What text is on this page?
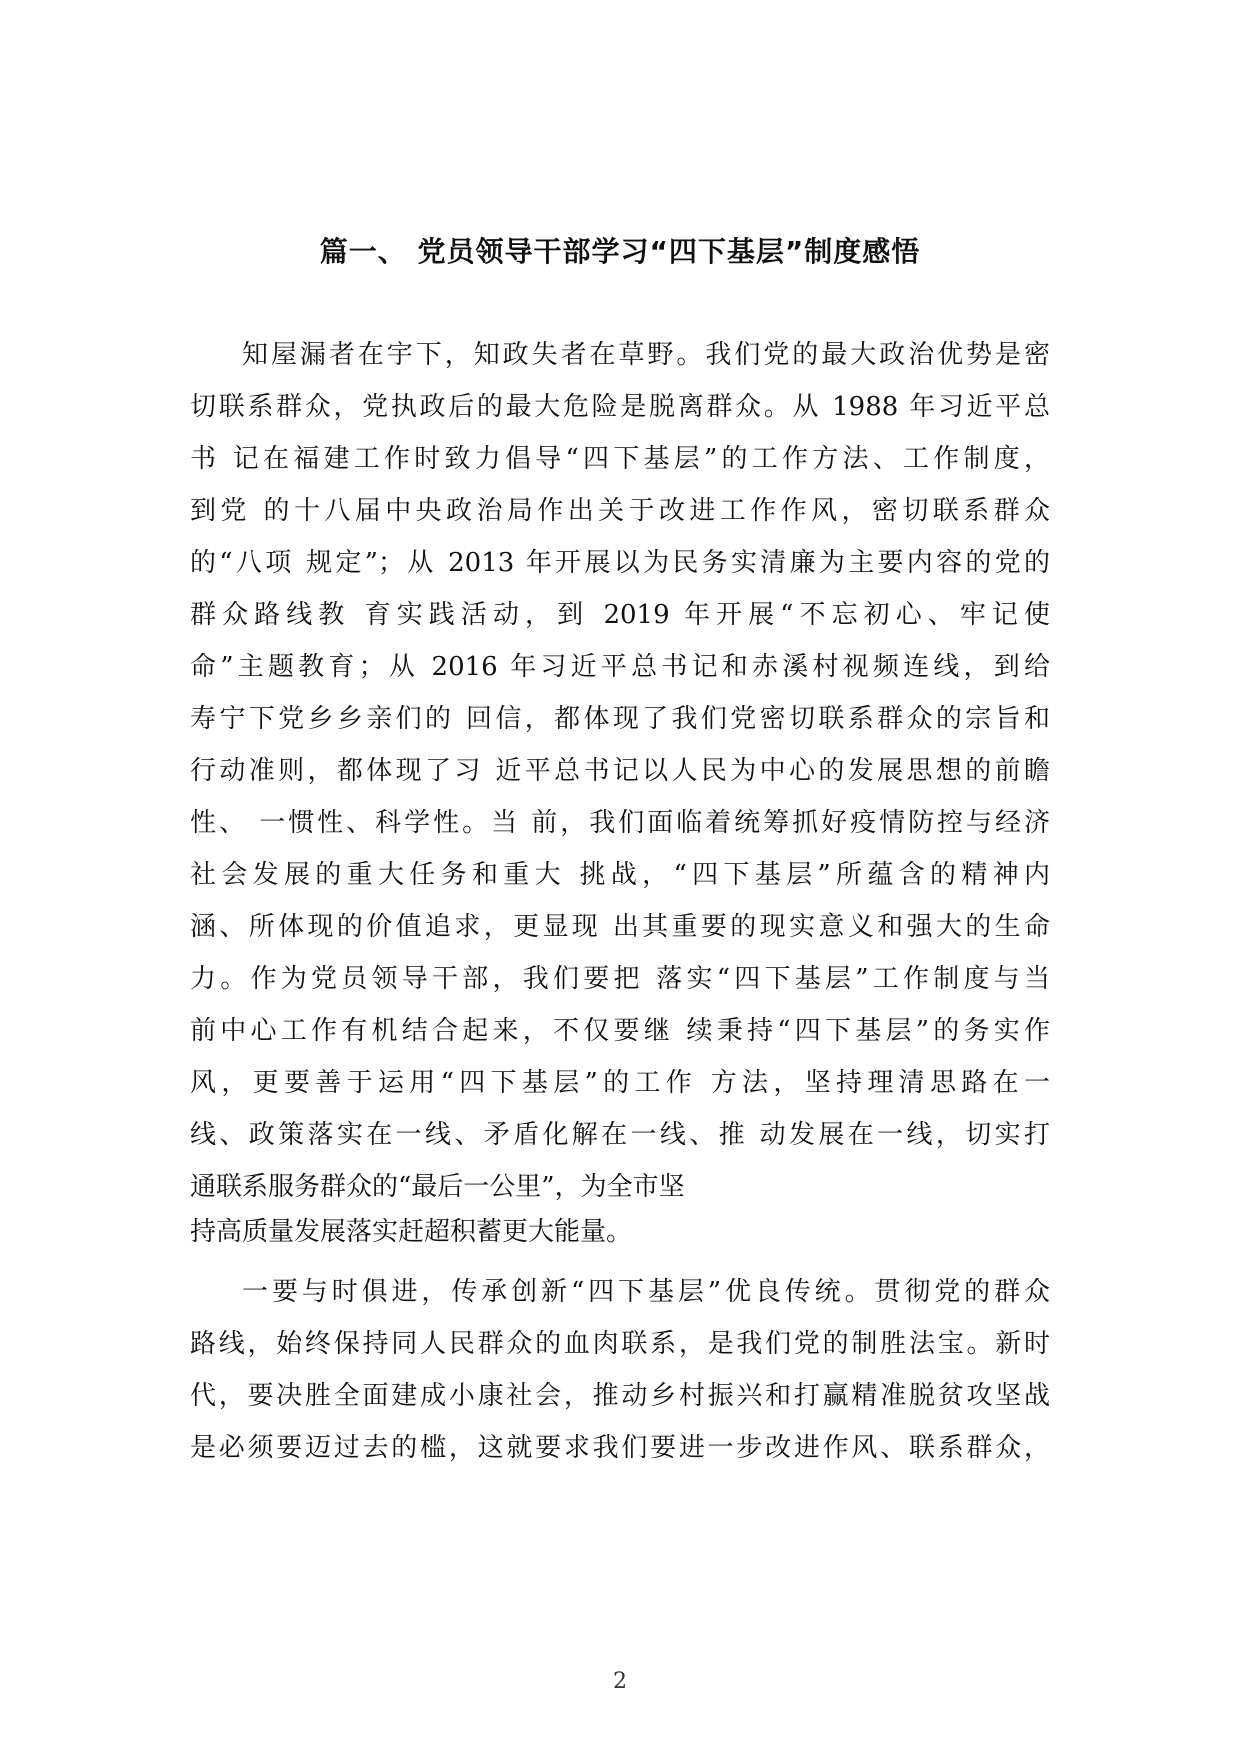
篇一、 党员领导干部学习“四下基层”制度感悟
知屋漏者在宇下，知政失者在草野。我们党的最大政治优势是密
切联系群众，党执政后的最大危险是脱离群众。从 1988 年习近平总
书 记在福建工作时致力倡导“四下基层”的工作方法、工作制度，
到党 的十八届中央政治局作出关于改进工作作风，密切联系群众
的“八项 规定”；从 2013 年开展以为民务实清廉为主要内容的党的
群众路线教 育实践活动，到 2019 年开展“不忘初心、牢记使
命”主题教育；从 2016 年习近平总书记和赤溪村视频连线，到给
寿宁下党乡乡亲们的 回信，都体现了我们党密切联系群众的宗旨和
行动准则，都体现了习 近平总书记以人民为中心的发展思想的前瞻
性、 一惯性、科学性。当 前，我们面临着统筹抓好疫情防控与经济
社会发展的重大任务和重大 挑战，“四下基层”所蕴含的精神内
涵、所体现的价值追求，更显现 出其重要的现实意义和强大的生命
力。作为党员领导干部，我们要把 落实“四下基层”工作制度与当
前中心工作有机结合起来，不仅要继 续秉持“四下基层”的务实作
风，更要善于运用“四下基层”的工作 方法，坚持理清思路在一
线、政策落实在一线、矛盾化解在一线、推 动发展在一线，切实打
通联系服务群众的“最后一公里”，为全市坚
持高质量发展落实赶超积蓄更大能量。
一要与时俱进，传承创新“四下基层”优良传统。贯彻党的群众
路线，始终保持同人民群众的血肉联系，是我们党的制胜法宝。新时
代，要决胜全面建成小康社会，推动乡村振兴和打赢精准脱贫攻坚战
是必须要迈过去的槛，这就要求我们要进一步改进作风、联系群众，
2
